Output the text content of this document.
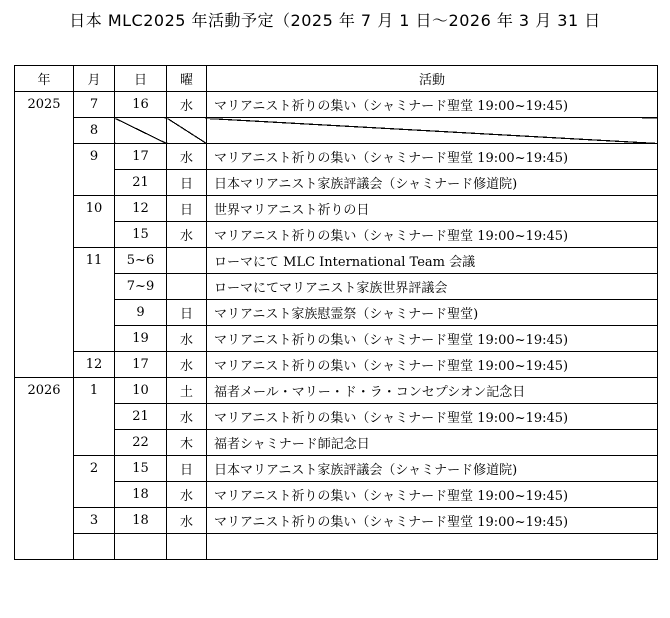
日本 MLC2025 年活動予定（2025 年 7 月 1 日〜2026 年 3 月 31 日
年	月	日	曜	活動	
2025	7	16	水	マリアニスト祈りの集い（シャミナード聖堂 19:00~19:45)	
	8				
	9	17	水	マリアニスト祈りの集い（シャミナード聖堂 19:00~19:45)	
		21	日	日本マリアニスト家族評議会（シャミナード修道院)	
	10	12	日	世界マリアニスト祈りの日	
		15	水	マリアニスト祈りの集い（シャミナード聖堂 19:00~19:45)	
	11	5~6		ローマにて MLC International Team 会議	
		7~9		ローマにてマリアニスト家族世界評議会	
		9	日	マリアニスト家族慰霊祭（シャミナード聖堂)	
		19	水	マリアニスト祈りの集い（シャミナード聖堂 19:00~19:45)	
	12	17	水	マリアニスト祈りの集い（シャミナード聖堂 19:00~19:45)	
2026	1	10	土	福者メール・マリー・ド・ラ・コンセプシオン記念日	
		21	水	マリアニスト祈りの集い（シャミナード聖堂 19:00~19:45)	
		22	木	福者シャミナード師記念日	
	2	15	日	日本マリアニスト家族評議会（シャミナード修道院)	
		18	水	マリアニスト祈りの集い（シャミナード聖堂 19:00~19:45)	
	3	18	水	マリアニスト祈りの集い（シャミナード聖堂 19:00~19:45)	
